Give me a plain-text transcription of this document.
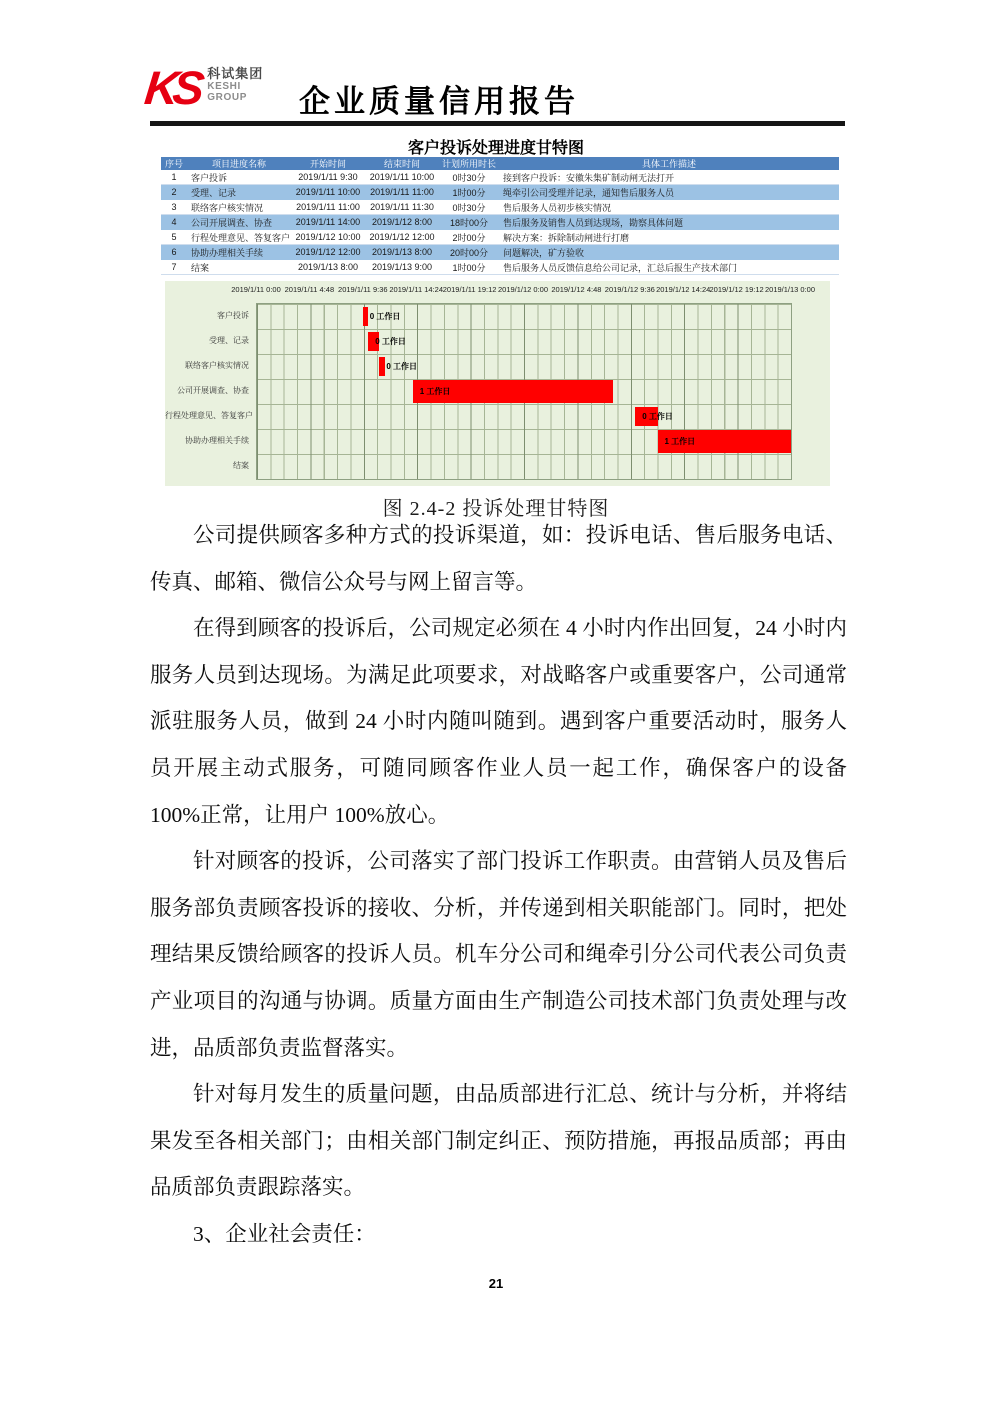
KS 科试集团
KESHI
GROUP	企业质量信用报告
客户投诉处理进度甘特图
序号	项目进度名称	开始时间	结束时间	计划所用时长	具体工作描述
1	客户投诉	2019/1/11 9:30	2019/1/11 10:00	0时30分	接到客户投诉：安徽朱集矿制动闸无法打开
2	受理、记录	2019/1/11 10:00	2019/1/11 11:00	1时00分	绳牵引公司受理并记录，通知售后服务人员
3	联络客户核实情况	2019/1/11 11:00	2019/1/11 11:30	0时30分	售后服务人员初步核实情况
4	公司开展调查、协查	2019/1/11 14:00	2019/1/12 8:00	18时00分	售后服务及销售人员到达现场，勘察具体问题
5	行程处理意见、答复客户	2019/1/12 10:00	2019/1/12 12:00	2时00分	解决方案：拆除制动闸进行打磨
6	协助办理相关手续	2019/1/12 12:00	2019/1/13 8:00	20时00分	问题解决，矿方验收
7	结案	2019/1/13 8:00	2019/1/13 9:00	1时00分	售后服务人员反馈信息给公司记录，汇总后报生产技术部门
2019/1/11 0:00 2019/1/11 4:48 2019/1/11 9:36 2019/1/11 14:24 2019/1/11 19:12 2019/1/12 0:00 2019/1/12 4:48 2019/1/12 9:36 2019/1/12 14:24 2019/1/12 19:12 2019/1/13 0:00
客户投诉
受理、记录
联络客户核实情况
公司开展调查、协查
行程处理意见、答复客户
协助办理相关手续
结案
0 工作日
0 工作日
0 工作日
1 工作日
0 工作日
1 工作日
图 2.4-2 投诉处理甘特图

公司提供顾客多种方式的投诉渠道，如：投诉电话、售后服务电话、传真、邮箱、微信公众号与网上留言等。

在得到顾客的投诉后，公司规定必须在 4 小时内作出回复，24 小时内服务人员到达现场。为满足此项要求，对战略客户或重要客户，公司通常派驻服务人员，做到 24 小时内随叫随到。遇到客户重要活动时，服务人员开展主动式服务，可随同顾客作业人员一起工作，确保客户的设备 100%正常，让用户 100%放心。

针对顾客的投诉，公司落实了部门投诉工作职责。由营销人员及售后服务部负责顾客投诉的接收、分析，并传递到相关职能部门。同时，把处理结果反馈给顾客的投诉人员。机车分公司和绳牵引分公司代表公司负责产业项目的沟通与协调。质量方面由生产制造公司技术部门负责处理与改进，品质部负责监督落实。

针对每月发生的质量问题，由品质部进行汇总、统计与分析，并将结果发至各相关部门；由相关部门制定纠正、预防措施，再报品质部；再由品质部负责跟踪落实。

3、企业社会责任：

21
